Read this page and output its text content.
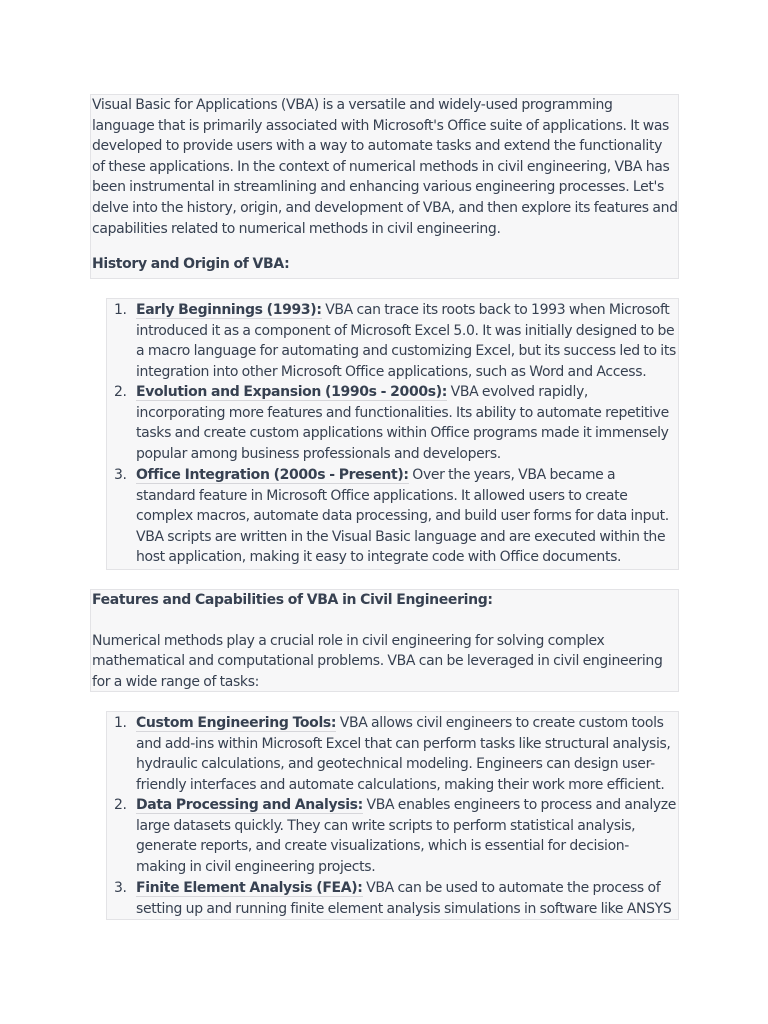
Visual Basic for Applications (VBA) is a versatile and widely-used programming language that is primarily associated with Microsoft's Office suite of applications. It was developed to provide users with a way to automate tasks and extend the functionality of these applications. In the context of numerical methods in civil engineering, VBA has been instrumental in streamlining and enhancing various engineering processes. Let's delve into the history, origin, and development of VBA, and then explore its features and capabilities related to numerical methods in civil engineering.

History and Origin of VBA:

1. Early Beginnings (1993): VBA can trace its roots back to 1993 when Microsoft introduced it as a component of Microsoft Excel 5.0. It was initially designed to be a macro language for automating and customizing Excel, but its success led to its integration into other Microsoft Office applications, such as Word and Access.
2. Evolution and Expansion (1990s - 2000s): VBA evolved rapidly, incorporating more features and functionalities. Its ability to automate repetitive tasks and create custom applications within Office programs made it immensely popular among business professionals and developers.
3. Office Integration (2000s - Present): Over the years, VBA became a standard feature in Microsoft Office applications. It allowed users to create complex macros, automate data processing, and build user forms for data input. VBA scripts are written in the Visual Basic language and are executed within the host application, making it easy to integrate code with Office documents.

Features and Capabilities of VBA in Civil Engineering:

Numerical methods play a crucial role in civil engineering for solving complex mathematical and computational problems. VBA can be leveraged in civil engineering for a wide range of tasks:

1. Custom Engineering Tools: VBA allows civil engineers to create custom tools and add-ins within Microsoft Excel that can perform tasks like structural analysis, hydraulic calculations, and geotechnical modeling. Engineers can design user-friendly interfaces and automate calculations, making their work more efficient.
2. Data Processing and Analysis: VBA enables engineers to process and analyze large datasets quickly. They can write scripts to perform statistical analysis, generate reports, and create visualizations, which is essential for decision-making in civil engineering projects.
3. Finite Element Analysis (FEA): VBA can be used to automate the process of setting up and running finite element analysis simulations in software like ANSYS
